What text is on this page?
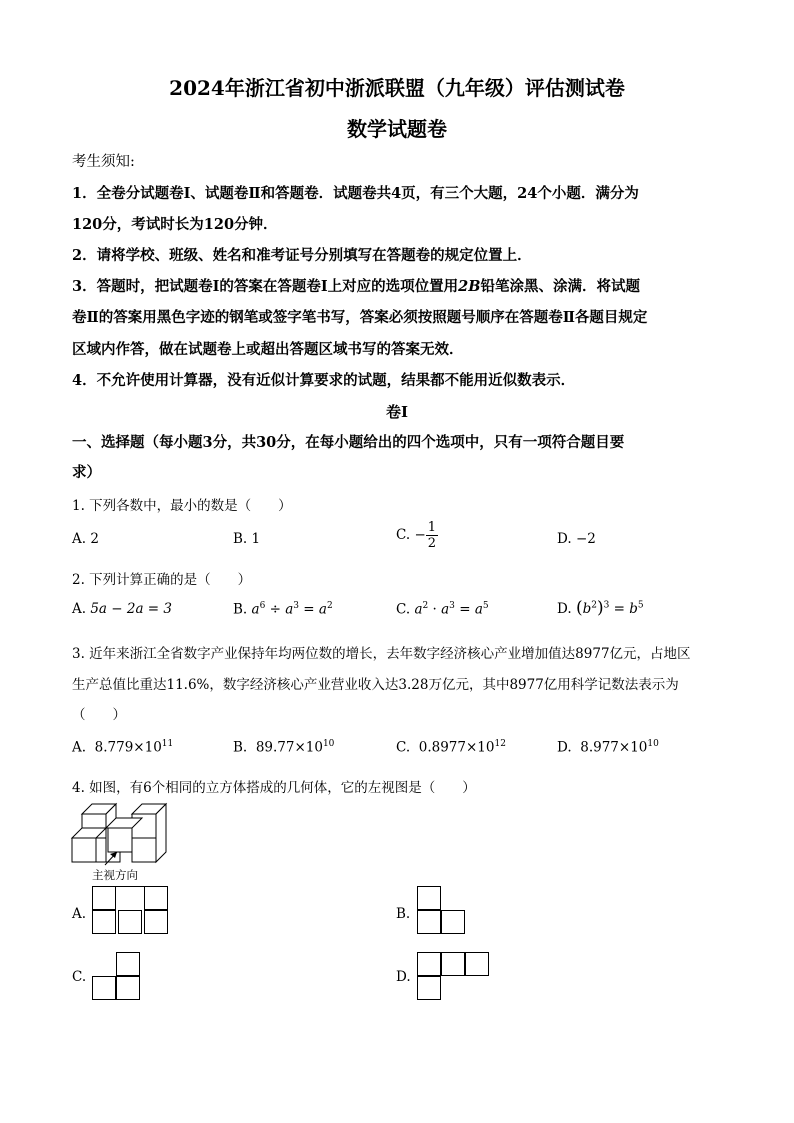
2024年浙江省初中浙派联盟（九年级）评估测试卷
数学试题卷
考生须知:
1．全卷分试题卷Ⅰ、试题卷Ⅱ和答题卷．试题卷共4页，有三个大题，24个小题．满分为
120分，考试时长为120分钟．
2．请将学校、班级、姓名和准考证号分别填写在答题卷的规定位置上．
3．答题时，把试题卷Ⅰ的答案在答题卷Ⅰ上对应的选项位置用2B铅笔涂黑、涂满．将试题
卷Ⅱ的答案用黑色字迹的钢笔或签字笔书写，答案必须按照题号顺序在答题卷Ⅱ各题目规定
区域内作答，做在试题卷上或超出答题区域书写的答案无效．
4．不允许使用计算器，没有近似计算要求的试题，结果都不能用近似数表示．
卷Ⅰ
一、选择题（每小题3分，共30分，在每小题给出的四个选项中，只有一项符合题目要
求）
1. 下列各数中，最小的数是（　　）
A. 2	B. 1	C. − $\frac{1}{2}$	D. −2
2. 下列计算正确的是（　　）
A. 5a − 2a = 3	B. $a^6 \div a^3 = a^2$	C. $a^2 \cdot a^3 = a^5$	D. $(b^2)^3 = b^5$
3. 近年来浙江全省数字产业保持年均两位数的增长，去年数字经济核心产业增加值达8977亿元，占地区
生产总值比重达11.6%，数字经济核心产业营业收入达3.28万亿元，其中8977亿用科学记数法表示为
（　　）
A. $8.779\times 10^{11}$	B. $89.77\times 10^{10}$	C. $0.8977\times 10^{12}$	D. $8.977\times 10^{10}$
4. 如图，有6个相同的立方体搭成的几何体，它的左视图是（　　）
主视方向
A.	B.
C.	D.
